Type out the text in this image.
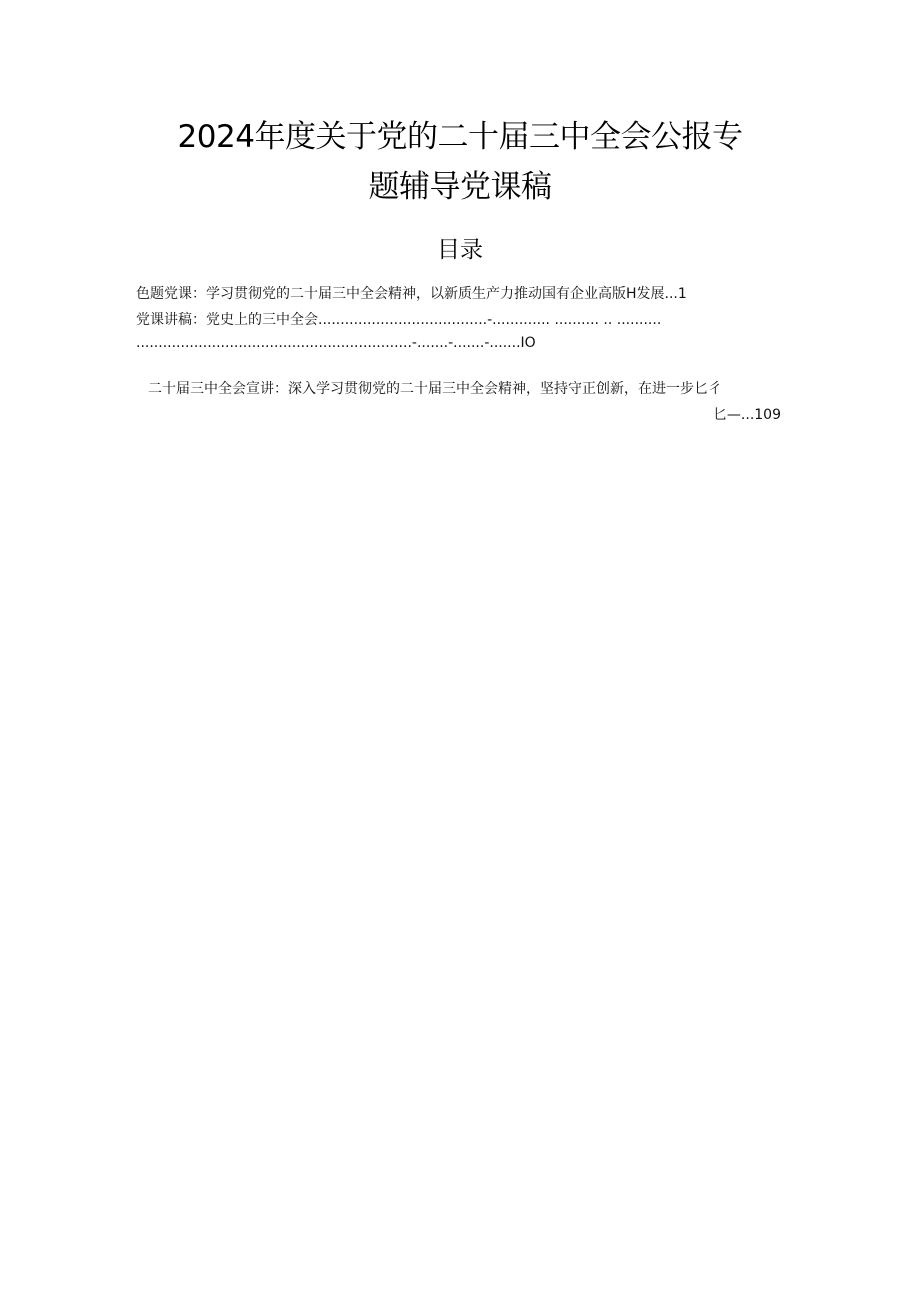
2024年度关于党的二十届三中全会公报专
题辅导党课稿
目录
色题党课：学习贯彻党的二十届三中全会精神，以新质生产力推动国有企业高版H发展...1
党课讲稿：党史上的三中全会......................................-............. .......... .. ..........
..............................................................-.......-.......-.......IO
二十届三中全会宣讲：深入学习贯彻党的二十届三中全会精神，坚持守正创新，在进一步匕彳
匕—...109
